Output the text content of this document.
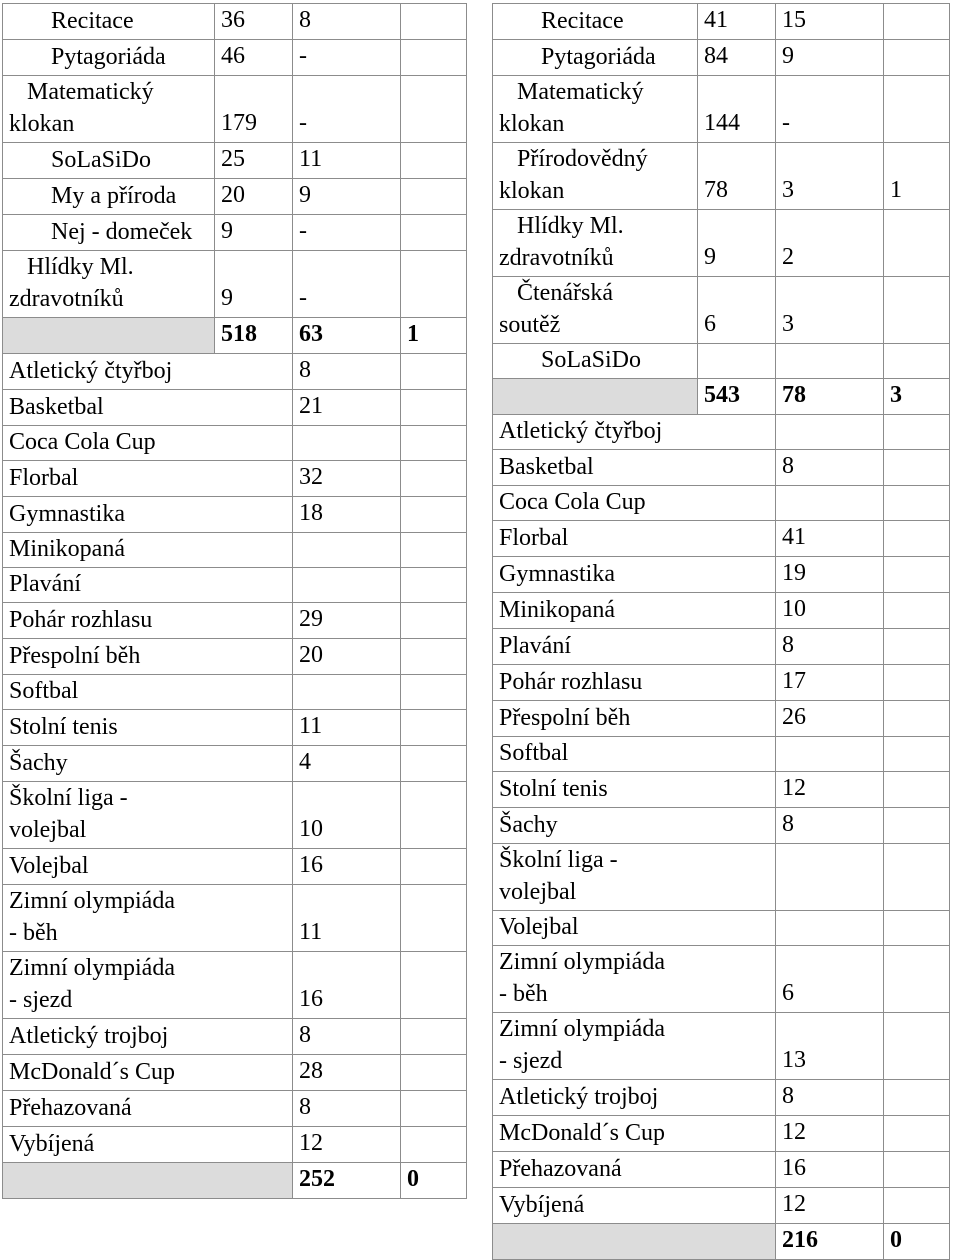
Recitace	36	8	

Pytagoriáda	46	-	

Matematický
klokan	179	-	

SoLaSiDo	25	11	

My a příroda	20	9	

Nej - domeček	9	-	

Hlídky Ml.
zdravotníků	9	-	
	518	63	1
Atletický čtyřboj		8	
Basketbal		21	
Coca Cola Cup			
Florbal		32	
Gymnastika		18	
Minikopaná			
Plavání			
Pohár rozhlasu		29	
Přespolní běh		20	
Softbal			
Stolní tenis		11	
Šachy		4	
Školní liga -
volejbal		10	
Volejbal		16	
Zimní olympiáda
- běh		11	
Zimní olympiáda
- sjezd		16	
Atletický trojboj		8	
McDonald´s Cup		28	
Přehazovaná		8	
Vybíjená		12	
		252	0
Recitace	41	15	

Pytagoriáda	84	9	

Matematický
klokan	144	-	

Přírodovědný
klokan	78	3	1

Hlídky Ml.
zdravotníků	9	2	

Čtenářská
soutěž	6	3	

SoLaSiDo			

	543	78	3
Atletický čtyřboj			
Basketbal		8	
Coca Cola Cup			
Florbal		41	
Gymnastika		19	
Minikopaná		10	
Plavání		8	
Pohár rozhlasu		17	
Přespolní běh		26	
Softbal			
Stolní tenis		12	
Šachy		8	
Školní liga -
volejbal			
Volejbal			
Zimní olympiáda
- běh		6	
Zimní olympiáda
- sjezd		13	
Atletický trojboj		8	
McDonald´s Cup		12	
Přehazovaná		16	
Vybíjená		12	
		216	0
